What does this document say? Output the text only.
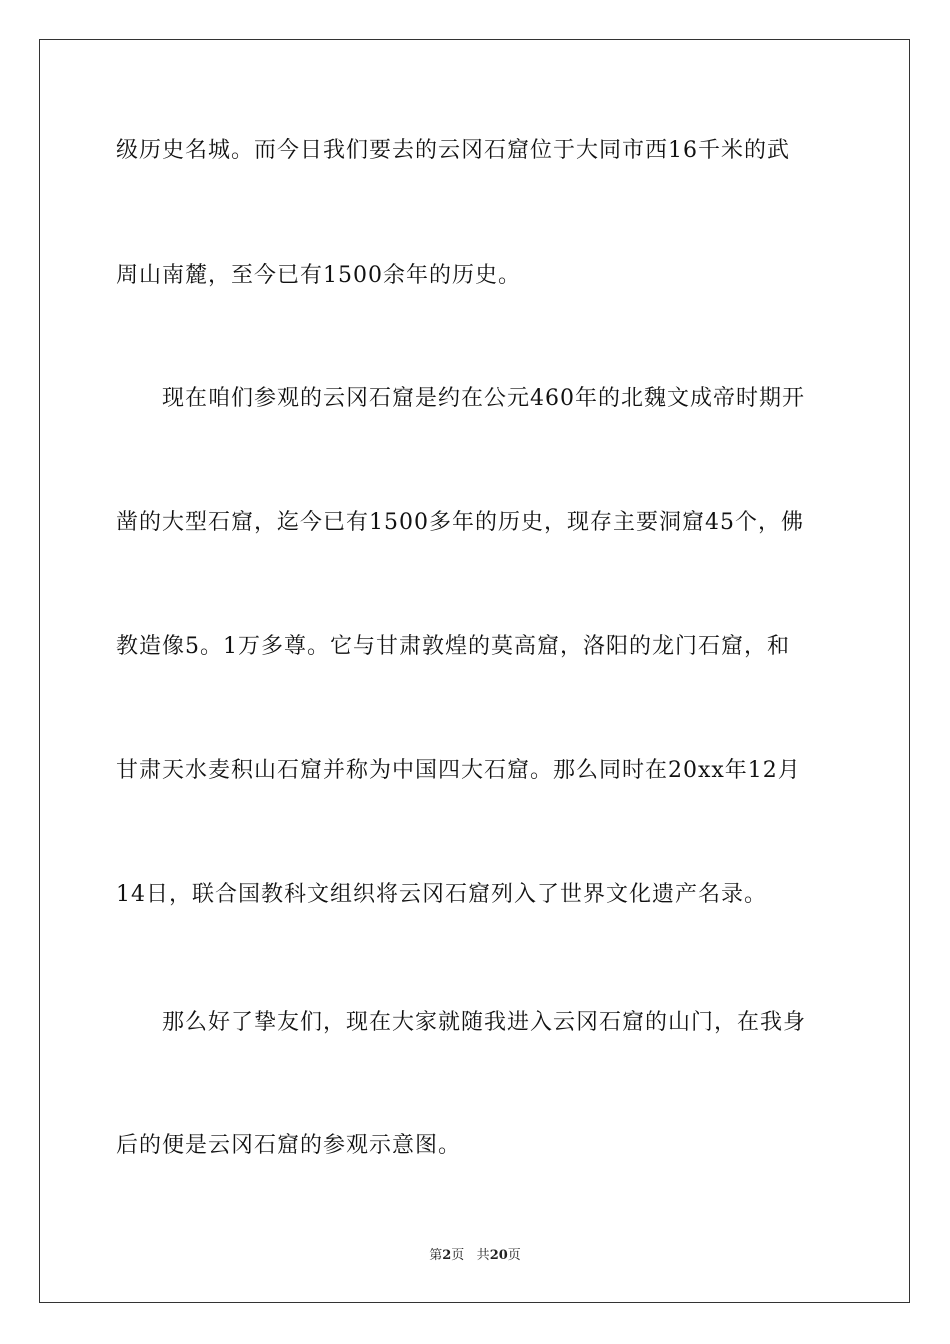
级历史名城。而今日我们要去的云冈石窟位于大同市西16千米的武
周山南麓，至今已有1500余年的历史。
现在咱们参观的云冈石窟是约在公元460年的北魏文成帝时期开
凿的大型石窟，迄今已有1500多年的历史，现存主要洞窟45个，佛
教造像5。1万多尊。它与甘肃敦煌的莫高窟，洛阳的龙门石窟，和
甘肃天水麦积山石窟并称为中国四大石窟。那么同时在20xx年12月
14日，联合国教科文组织将云冈石窟列入了世界文化遗产名录。
那么好了挚友们，现在大家就随我进入云冈石窟的山门，在我身
后的便是云冈石窟的参观示意图。
第2页 共20页
